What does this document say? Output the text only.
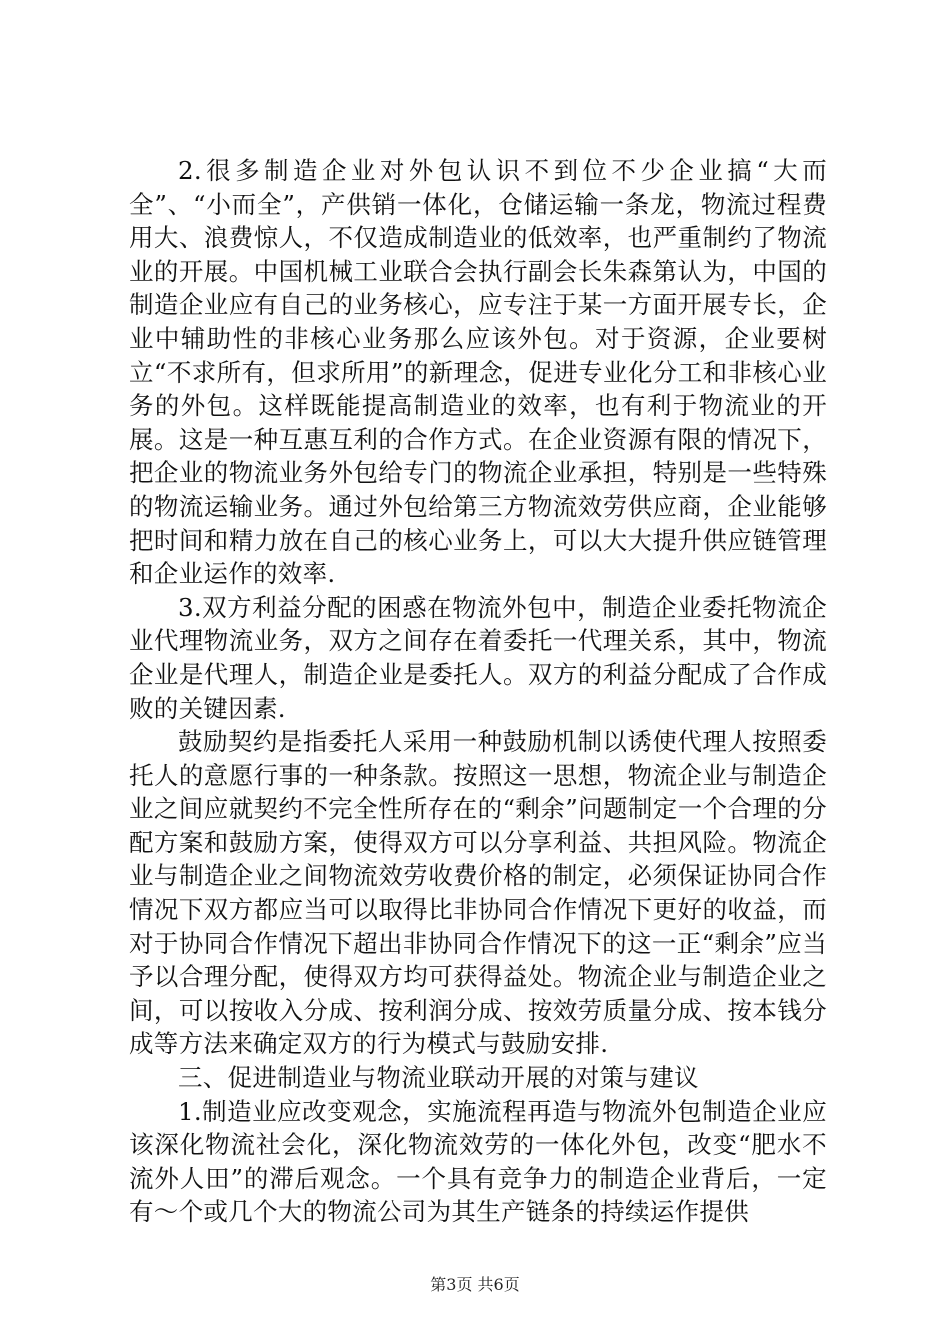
2.很多制造企业对外包认识不到位不少企业搞“大而全”、“小而全”，产供销一体化，仓储运输一条龙，物流过程费用大、浪费惊人，不仅造成制造业的低效率，也严重制约了物流业的开展。中国机械工业联合会执行副会长朱森第认为，中国的制造企业应有自己的业务核心，应专注于某一方面开展专长，企业中辅助性的非核心业务那么应该外包。对于资源，企业要树立“不求所有，但求所用”的新理念，促进专业化分工和非核心业务的外包。这样既能提高制造业的效率，也有利于物流业的开展。这是一种互惠互利的合作方式。在企业资源有限的情况下，把企业的物流业务外包给专门的物流企业承担，特别是一些特殊的物流运输业务。通过外包给第三方物流效劳供应商，企业能够把时间和精力放在自己的核心业务上，可以大大提升供应链管理和企业运作的效率.

3.双方利益分配的困惑在物流外包中，制造企业委托物流企业代理物流业务，双方之间存在着委托一代理关系，其中，物流企业是代理人，制造企业是委托人。双方的利益分配成了合作成败的关键因素.

鼓励契约是指委托人采用一种鼓励机制以诱使代理人按照委托人的意愿行事的一种条款。按照这一思想，物流企业与制造企业之间应就契约不完全性所存在的“剩余”问题制定一个合理的分配方案和鼓励方案，使得双方可以分享利益、共担风险。物流企业与制造企业之间物流效劳收费价格的制定，必须保证协同合作情况下双方都应当可以取得比非协同合作情况下更好的收益，而对于协同合作情况下超出非协同合作情况下的这一正“剩余”应当予以合理分配，使得双方均可获得益处。物流企业与制造企业之间，可以按收入分成、按利润分成、按效劳质量分成、按本钱分成等方法来确定双方的行为模式与鼓励安排.

三、促进制造业与物流业联动开展的对策与建议

1.制造业应改变观念，实施流程再造与物流外包制造企业应该深化物流社会化，深化物流效劳的一体化外包，改变“肥水不流外人田”的滞后观念。一个具有竞争力的制造企业背后，一定有～个或几个大的物流公司为其生产链条的持续运作提供

第3页 共6页
